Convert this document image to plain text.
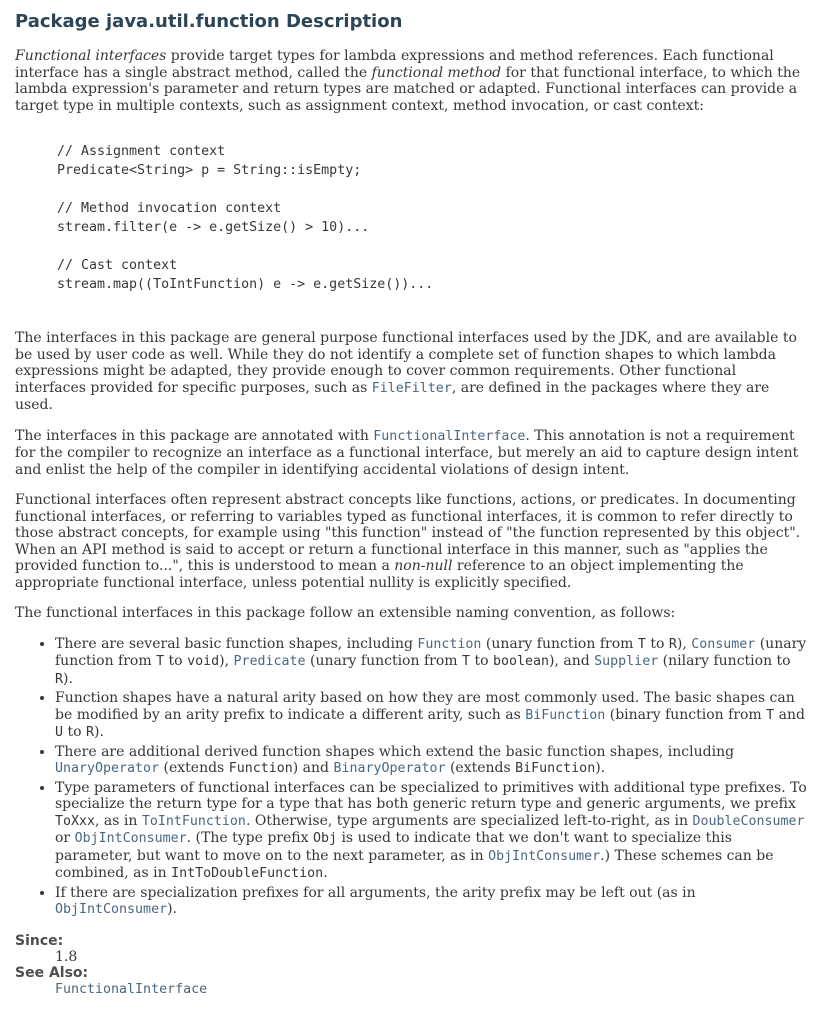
Package java.util.function Description

Functional interfaces provide target types for lambda expressions and method references. Each functional interface has a single abstract method, called the functional method for that functional interface, to which the lambda expression's parameter and return types are matched or adapted. Functional interfaces can provide a target type in multiple contexts, such as assignment context, method invocation, or cast context:

// Assignment context
Predicate<String> p = String::isEmpty;
// Method invocation context
stream.filter(e -> e.getSize() > 10)...
// Cast context
stream.map((ToIntFunction) e -> e.getSize())...

The interfaces in this package are general purpose functional interfaces used by the JDK, and are available to be used by user code as well. While they do not identify a complete set of function shapes to which lambda expressions might be adapted, they provide enough to cover common requirements. Other functional interfaces provided for specific purposes, such as FileFilter, are defined in the packages where they are used.

The interfaces in this package are annotated with FunctionalInterface. This annotation is not a requirement for the compiler to recognize an interface as a functional interface, but merely an aid to capture design intent and enlist the help of the compiler in identifying accidental violations of design intent.

Functional interfaces often represent abstract concepts like functions, actions, or predicates. In documenting functional interfaces, or referring to variables typed as functional interfaces, it is common to refer directly to those abstract concepts, for example using "this function" instead of "the function represented by this object". When an API method is said to accept or return a functional interface in this manner, such as "applies the provided function to...", this is understood to mean a non-null reference to an object implementing the appropriate functional interface, unless potential nullity is explicitly specified.

The functional interfaces in this package follow an extensible naming convention, as follows:

• There are several basic function shapes, including Function (unary function from T to R), Consumer (unary function from T to void), Predicate (unary function from T to boolean), and Supplier (nilary function to R).
• Function shapes have a natural arity based on how they are most commonly used. The basic shapes can be modified by an arity prefix to indicate a different arity, such as BiFunction (binary function from T and U to R).
• There are additional derived function shapes which extend the basic function shapes, including UnaryOperator (extends Function) and BinaryOperator (extends BiFunction).
• Type parameters of functional interfaces can be specialized to primitives with additional type prefixes. To specialize the return type for a type that has both generic return type and generic arguments, we prefix ToXxx, as in ToIntFunction. Otherwise, type arguments are specialized left-to-right, as in DoubleConsumer or ObjIntConsumer. (The type prefix Obj is used to indicate that we don't want to specialize this parameter, but want to move on to the next parameter, as in ObjIntConsumer.) These schemes can be combined, as in IntToDoubleFunction.
• If there are specialization prefixes for all arguments, the arity prefix may be left out (as in ObjIntConsumer).
Since:
1.8
See Also:
FunctionalInterface
